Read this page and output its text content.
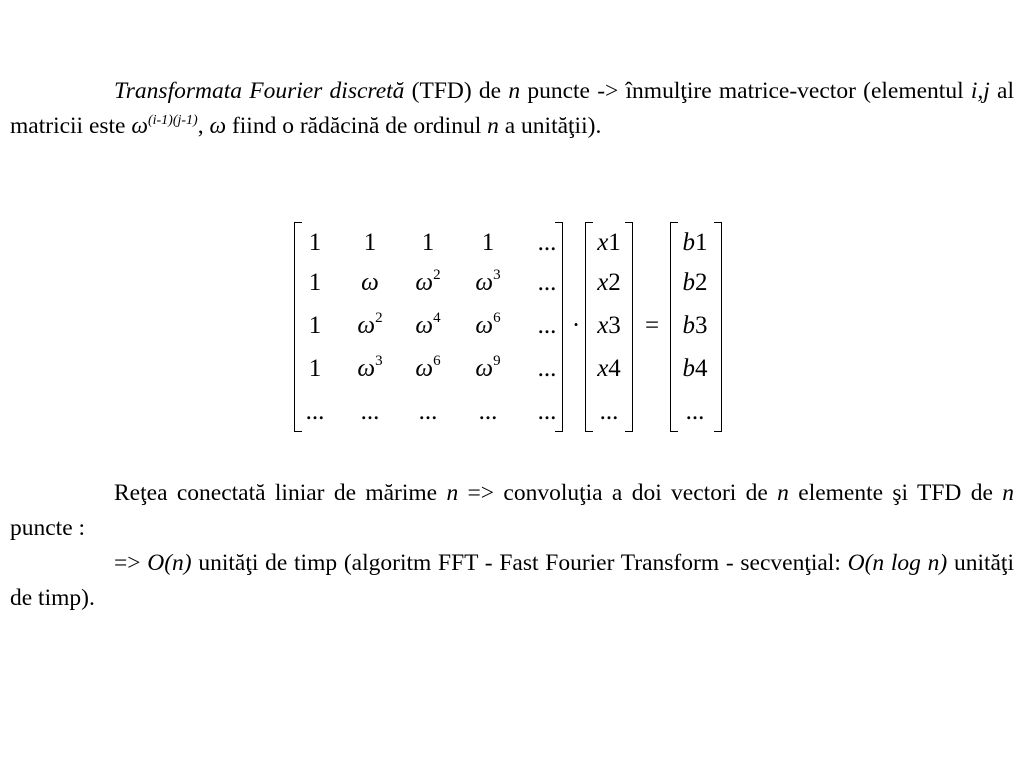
Transformata Fourier discretă (TFD) de n puncte -> înmulţire matrice-vector (elementul i,j al matricii este $\omega^{(i-1)(j-1)}$, ω fiind o rădăcină de ordinul n a unităţii).
1 1 1 1 ...
1 ω $\omega^2$ $\omega^3$ ...
1 $\omega^2$ $\omega^4$ $\omega^6$ ...
1 $\omega^3$ $\omega^6$ $\omega^9$ ...
... ... ... ... ...
x1
x2
x3
x4
...
b1
b2
b3
b4
...
·	=
Reţea conectată liniar de mărime n => convoluţia a doi vectori de n elemente şi TFD de n puncte :
=> O(n) unităţi de timp (algoritm FFT - Fast Fourier Transform - secvenţial: O(n log n) unităţi de timp).
